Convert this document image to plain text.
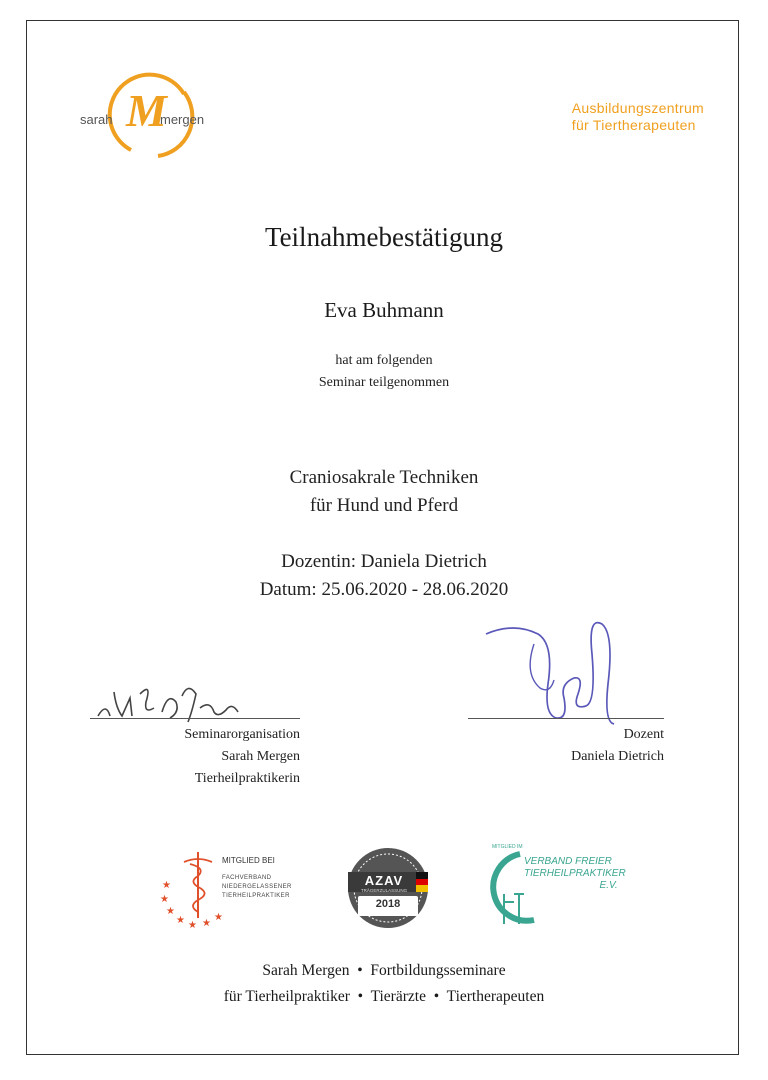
sarah M
mergen
Ausbildungszentrum
für Tiertherapeuten
Teilnahmebestätigung
Eva Buhmann
hat am folgenden
Seminar teilgenommen
Craniosakrale Techniken
für Hund und Pferd
Dozentin: Daniela Dietrich
Datum: 25.06.2020 - 28.06.2020
Seminarorganisation
Sarah Mergen
Tierheilpraktikerin
Dozent
Daniela Dietrich
★
★
★
★ ★ ★
★
MITGLIED BEI
FACHVERBAND
NIEDERGELASSENER
TIERHEILPRAKTIKER
AZAV
TRÄGERZULASSUNG
2018
MITGLIED IM
VERBAND FREIER
TIERHEILPRAKTIKER
E.V.
Sarah Mergen • Fortbildungsseminare
für Tierheilpraktiker • Tierärzte • Tiertherapeuten
